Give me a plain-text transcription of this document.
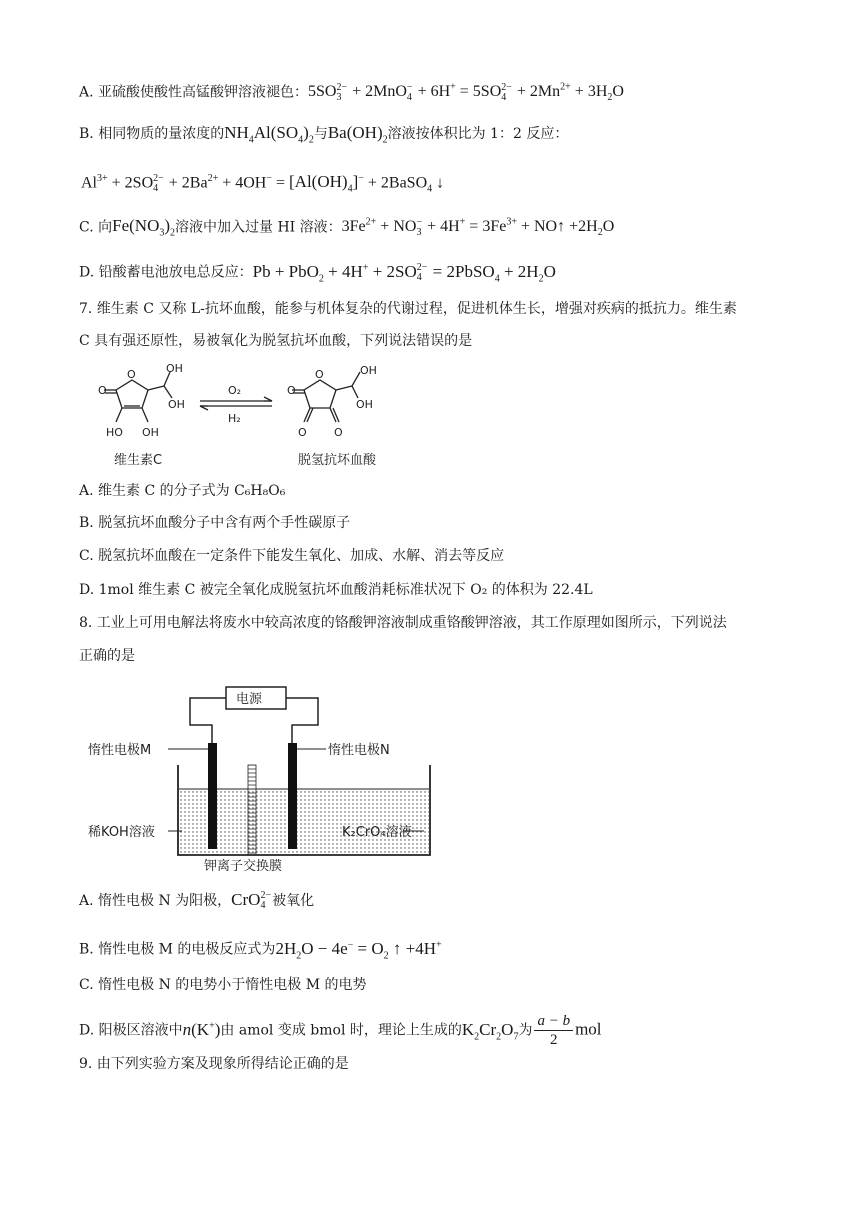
A. 亚硫酸使酸性高锰酸钾溶液褪色：5SO 2−
3 + 2MnO −
4 + 6H+ = 5SO 2−
$4 + 2Mn^{2+} + 3H_2O$
B. 相同物质的量浓度的$NH_4Al(SO_4)_2$与$Ba(OH)_2$溶液按体积比为 1：2 反应：
$Al^{3+} + 2SO$ 2−
$4 + 2Ba^{2+} + 4OH^- = [Al(OH)_4]^-$ + 2BaSO$_4$ ↓
C. 向$Fe(NO_3)_2$溶液中加入过量 HI 溶液：$3Fe^{2+}$ + NO −
$3 + 4H^+ = 3Fe^{3+}$ + NO↑ $+2H_2O$
D. 铅酸蓄电池放电总反应：Pb + PbO$_2$ + 4H+ + 2SO 2−
4 = 2PbSO$_4$ + $2H_2O$
7. 维生素 C 又称 L-抗坏血酸，能参与机体复杂的代谢过程，促进机体生长，增强对疾病的抵抗力。维生素
C 具有强还原性，易被氧化为脱氢抗坏血酸，下列说法错误的是
O
O	OH
OH
HO OH
O
O	OH
OH
O O
O₂
H₂
维生素C	脱氢抗坏血酸
A. 维生素 C 的分子式为 C₆H₈O₆
B. 脱氢抗坏血酸分子中含有两个手性碳原子
C. 脱氢抗坏血酸在一定条件下能发生氧化、加成、水解、消去等反应
D. 1mol 维生素 C 被完全氧化成脱氢抗坏血酸消耗标准状况下 O₂ 的体积为 22.4L
8. 工业上可用电解法将废水中较高浓度的铬酸钾溶液制成重铬酸钾溶液，其工作原理如图所示，下列说法
正确的是
电源
惰性电极M	惰性电极N
稀KOH溶液	K₂CrO₄溶液
钾离子交换膜
A. 惰性电极 N 为阳极，CrO 2−
4 被氧化
B. 惰性电极 M 的电极反应式为$2H_2O - 4e^- = O_2$ ↑ +4H+
C. 惰性电极 N 的电势小于惰性电极 M 的电势
D. 阳极区溶液中n(K+)由 amol 变成 bmol 时，理论上生成的$K_2Cr_2O_7$为 $\frac{a - b}{2}$ mol
9. 由下列实验方案及现象所得结论正确的是
